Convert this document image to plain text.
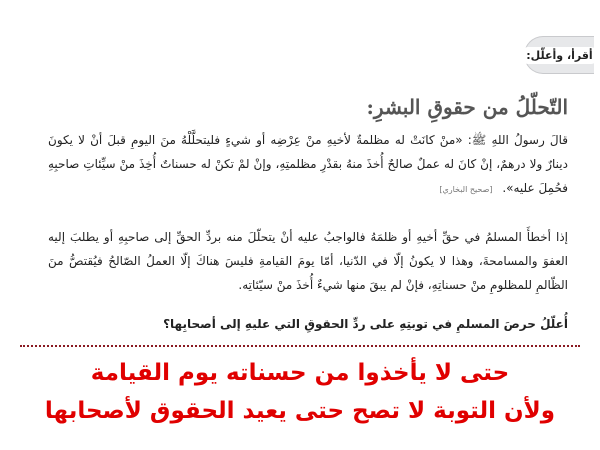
أقرأ، وأعلّل:
التّحلّلُ من حقوقِ البشرِ:
قالَ رسولُ اللهِ ﷺ: «منْ كانَتْ له مظلمةٌ لأخيهِ منْ عِرْضِه أو شيءٍ فليتحلَّلْهُ منَ اليومِ قبلَ أنْ لا يكونَ دينارٌ ولا درهمٌ، إنْ كانَ له عملٌ صالحٌ أُخذَ منهُ بقدْرِ مظلمتِهِ، وإنْ لمْ تكنْ له حسناتٌ أُخِذَ منْ سيِّئاتِ صاحبِهِ فحُمِلَ عليه». [صحيح البخاري]
إذا أخطأَ المسلمُ في حقِّ أخيهِ أو ظلمَهُ فالواجبُ عليه أنْ يتحلّلَ منه بردِّ الحقِّ إلى صاحبِهِ أو يطلبَ إليه العفوَ والمسامحةَ، وهذا لا يكونُ إلّا في الدّنيا، أمّا يومَ القيامةِ فليسَ هناكَ إلّا العملُ الصّالحُ فيُقتصُّ منَ الظّالمِ للمظلومِ منْ حسناتِهِ، فإنْ لم يبقَ منها شيءٌ أُخذَ منْ سيّئاتِه.
أُعلّلُ حرصَ المسلمِ في توبتِهِ على ردِّ الحقوقِ التي عليهِ إلى أصحابِها؟
حتى لا يأخذوا من حسناته يوم القيامة
ولأن التوبة لا تصح حتى يعيد الحقوق لأصحابها
